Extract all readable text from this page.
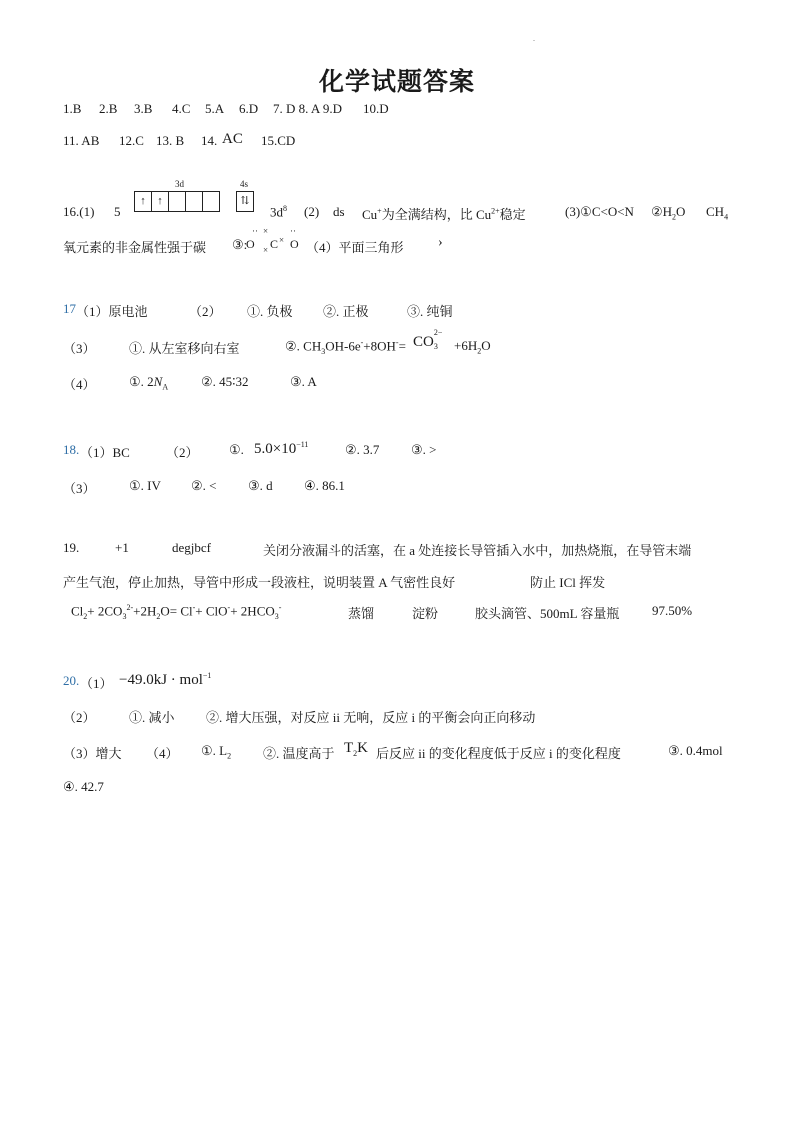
.
化学试题答案
1.B 2.B 3.B 4.C 5.A 6.D 7. D 8. A 9.D 10.D
11. AB 12.C 13. B 14. AC 15.CD
16.(1) 5
3d	4s
↑	↑	⇅
$3d^8$ (2) ds Cu+为全满结构，比 $Cu^{2+}$稳定	(3)①C<O<N $②H_2O$ $CH_4$
氧元素的非金属性强于碳 ③:
O
·· ×
× C ×
··
O （4）平面三角形 ›
17 （1）原电池	（2） ①. 负极 ②. 正极	③. 纯铜
（3）	①. 从左室移向右室	②. $CH_3OH-6e^-+8OH^-=$ CO
2−
$3 +6H_2O$
（4）	①. $2N_A$	②. 45∶32	③. A
18. （1）BC	（2） ①. $5.0\times 10^{-11}$	②. 3.7 ③. >
（3）	①. IV ②. < ③. d ④. 86.1
19.	+1	degjbcf	关闭分液漏斗的活塞，在 a 处连接长导管插入水中，加热烧瓶，在导管末端
产生气泡，停止加热，导管中形成一段液柱，说明装置 A 气密性良好	防止 ICl 挥发
$Cl_2+ 2CO_3^{2-}+2H_2O= Cl^-+ ClO^-+ 2HCO_3^-$	蒸馏	淀粉	胶头滴管、500mL 容量瓶	97.50%
20. （1） −49.0kJ · mol$^{-1}$
（2）	①. 减小 ②. 增大压强，对反应 ii 无响，反应 i 的平衡会向正向移动
（3）增大 （4） ①. $L_2$ ②. 温度高于 $T_2K$ 后反应 ii 的变化程度低于反应 i 的变化程度	③. 0.4mol
④. 42.7
